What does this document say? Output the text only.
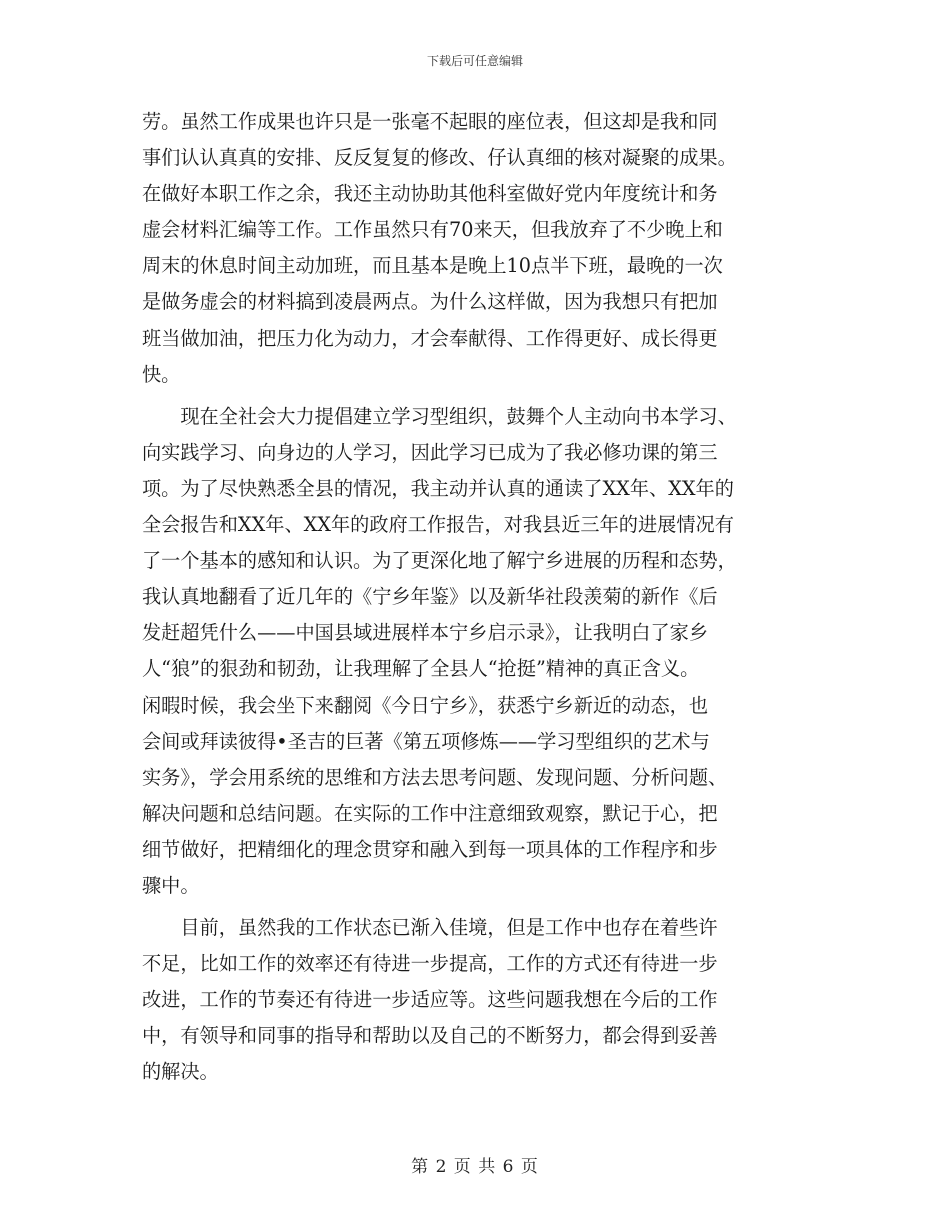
下载后可任意编辑
劳。虽然工作成果也许只是一张毫不起眼的座位表，但这却是我和同
事们认认真真的安排、反反复复的修改、仔认真细的核对凝聚的成果。
在做好本职工作之余，我还主动协助其他科室做好党内年度统计和务
虚会材料汇编等工作。工作虽然只有70来天，但我放弃了不少晚上和
周末的休息时间主动加班，而且基本是晚上10点半下班，最晚的一次
是做务虚会的材料搞到凌晨两点。为什么这样做，因为我想只有把加
班当做加油，把压力化为动力，才会奉献得、工作得更好、成长得更
快。
　　现在全社会大力提倡建立学习型组织，鼓舞个人主动向书本学习、
向实践学习、向身边的人学习，因此学习已成为了我必修功课的第三
项。为了尽快熟悉全县的情况，我主动并认真的通读了XX年、XX年的
全会报告和XX年、XX年的政府工作报告，对我县近三年的进展情况有
了一个基本的感知和认识。为了更深化地了解宁乡进展的历程和态势，
我认真地翻看了近几年的《宁乡年鉴》以及新华社段羡菊的新作《后
发赶超凭什么——中国县域进展样本宁乡启示录》，让我明白了家乡
人“狼”的狠劲和韧劲，让我理解了全县人“抢挺”精神的真正含义。
闲暇时候，我会坐下来翻阅《今日宁乡》，获悉宁乡新近的动态，也
会间或拜读彼得•圣吉的巨著《第五项修炼——学习型组织的艺术与
实务》，学会用系统的思维和方法去思考问题、发现问题、分析问题、
解决问题和总结问题。在实际的工作中注意细致观察，默记于心，把
细节做好，把精细化的理念贯穿和融入到每一项具体的工作程序和步
骤中。
　　目前，虽然我的工作状态已渐入佳境，但是工作中也存在着些许
不足，比如工作的效率还有待进一步提高，工作的方式还有待进一步
改进，工作的节奏还有待进一步适应等。这些问题我想在今后的工作
中，有领导和同事的指导和帮助以及自己的不断努力，都会得到妥善
的解决。
第 2 页 共 6 页
